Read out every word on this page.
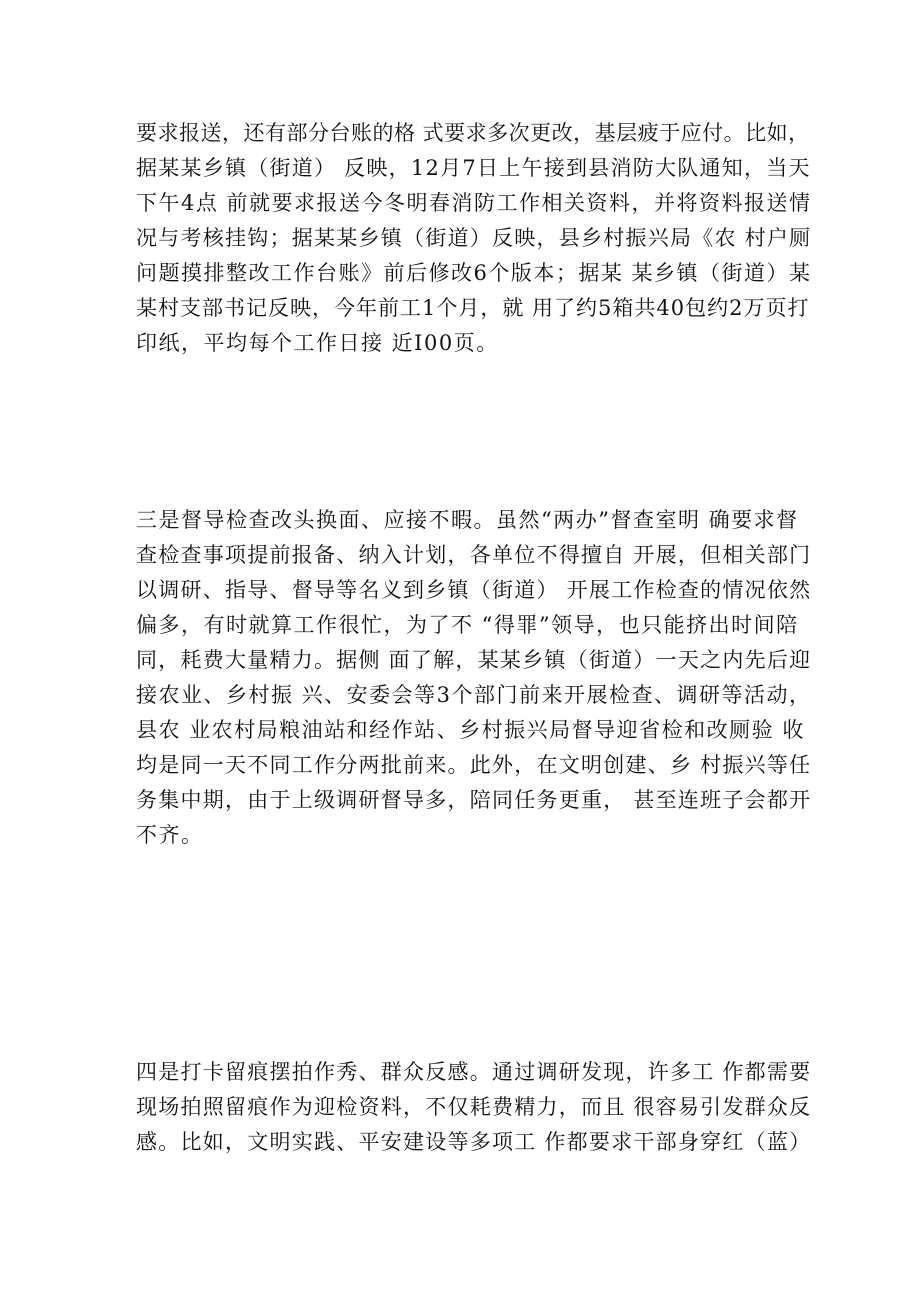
要求报送，还有部分台账的格 式要求多次更改，基层疲于应付。比如，
据某某乡镇（街道） 反映，12月7日上午接到县消防大队通知，当天
下午4点 前就要求报送今冬明春消防工作相关资料，并将资料报送情
况与考核挂钩；据某某乡镇（街道）反映，县乡村振兴局《农 村户厕
问题摸排整改工作台账》前后修改6个版本；据某 某乡镇（街道）某
某村支部书记反映，今年前工1个月，就 用了约5箱共40包约2万页打
印纸，平均每个工作日接 近I00页。
三是督导检查改头换面、应接不暇。虽然“两办”督查室明 确要求督
查检查事项提前报备、纳入计划，各单位不得擅自 开展，但相关部门
以调研、指导、督导等名义到乡镇（街道） 开展工作检查的情况依然
偏多，有时就算工作很忙，为了不 “得罪”领导，也只能挤出时间陪
同，耗费大量精力。据侧 面了解，某某乡镇（街道）一天之内先后迎
接农业、乡村振 兴、安委会等3个部门前来开展检查、调研等活动，
县农 业农村局粮油站和经作站、乡村振兴局督导迎省检和改厕验 收
均是同一天不同工作分两批前来。此外，在文明创建、乡 村振兴等任
务集中期，由于上级调研督导多，陪同任务更重， 甚至连班子会都开
不齐。
四是打卡留痕摆拍作秀、群众反感。通过调研发现，许多工 作都需要
现场拍照留痕作为迎检资料，不仅耗费精力，而且 很容易引发群众反
感。比如，文明实践、平安建设等多项工 作都要求干部身穿红（蓝）
